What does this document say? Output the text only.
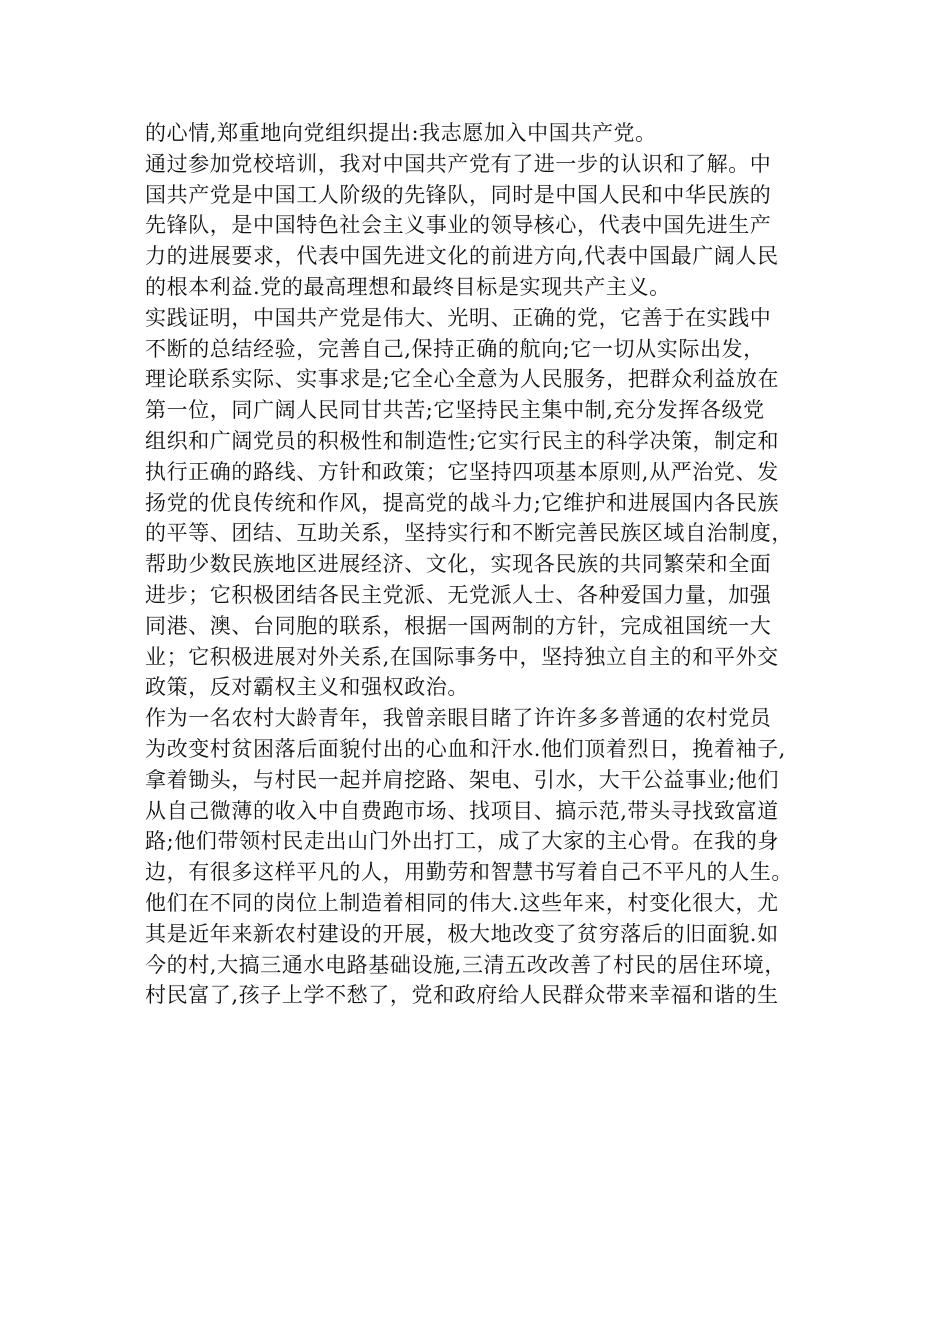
的心情,郑重地向党组织提出:我志愿加入中国共产党。
通过参加党校培训，我对中国共产党有了进一步的认识和了解。中
国共产党是中国工人阶级的先锋队，同时是中国人民和中华民族的
先锋队，是中国特色社会主义事业的领导核心，代表中国先进生产
力的进展要求，代表中国先进文化的前进方向,代表中国最广阔人民
的根本利益.党的最高理想和最终目标是实现共产主义。
实践证明，中国共产党是伟大、光明、正确的党，它善于在实践中
不断的总结经验，完善自己,保持正确的航向;它一切从实际出发，
理论联系实际、实事求是;它全心全意为人民服务，把群众利益放在
第一位，同广阔人民同甘共苦;它坚持民主集中制,充分发挥各级党
组织和广阔党员的积极性和制造性;它实行民主的科学决策，制定和
执行正确的路线、方针和政策；它坚持四项基本原则,从严治党、发
扬党的优良传统和作风，提高党的战斗力;它维护和进展国内各民族
的平等、团结、互助关系，坚持实行和不断完善民族区域自治制度，
帮助少数民族地区进展经济、文化，实现各民族的共同繁荣和全面
进步；它积极团结各民主党派、无党派人士、各种爱国力量，加强
同港、澳、台同胞的联系，根据一国两制的方针，完成祖国统一大
业；它积极进展对外关系,在国际事务中，坚持独立自主的和平外交
政策，反对霸权主义和强权政治。
作为一名农村大龄青年，我曾亲眼目睹了许许多多普通的农村党员
为改变村贫困落后面貌付出的心血和汗水.他们顶着烈日，挽着袖子,
拿着锄头，与村民一起并肩挖路、架电、引水，大干公益事业;他们
从自己微薄的收入中自费跑市场、找项目、搞示范,带头寻找致富道
路;他们带领村民走出山门外出打工，成了大家的主心骨。在我的身
边，有很多这样平凡的人，用勤劳和智慧书写着自己不平凡的人生。
他们在不同的岗位上制造着相同的伟大.这些年来，村变化很大，尤
其是近年来新农村建设的开展，极大地改变了贫穷落后的旧面貌.如
今的村,大搞三通水电路基础设施,三清五改改善了村民的居住环境，
村民富了,孩子上学不愁了，党和政府给人民群众带来幸福和谐的生
